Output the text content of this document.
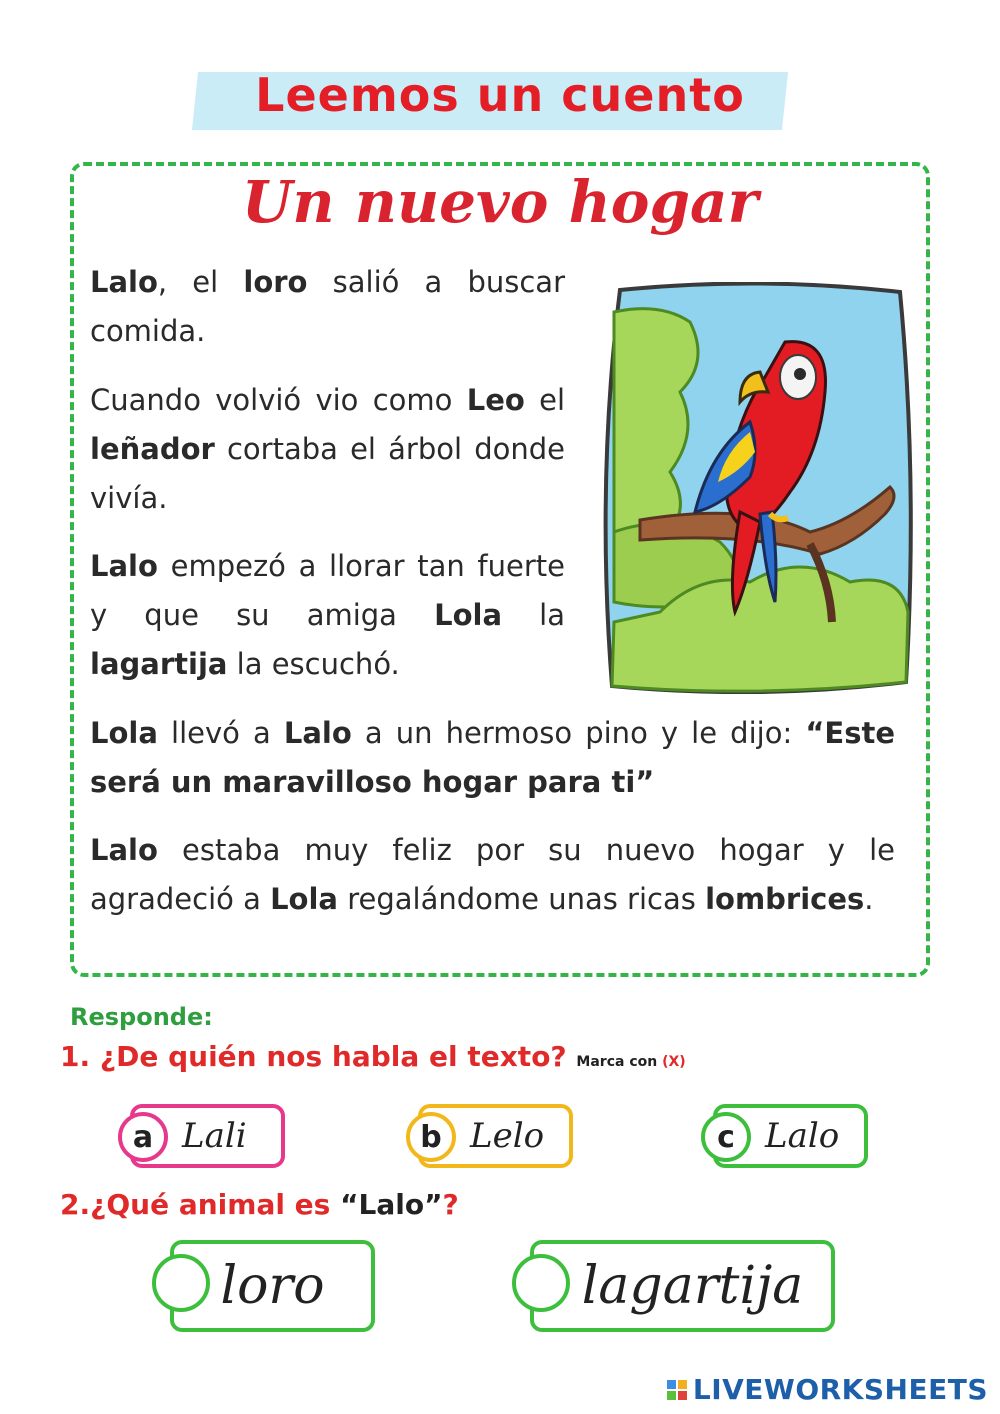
Leemos un cuento
Un nuevo hogar

Lalo, el loro salió a buscar comida.

Cuando volvió vio como Leo el leñador cortaba el árbol donde vivía.

Lalo empezó a llorar tan fuerte y que su amiga Lola la lagartija la escuchó.

Lola llevó a Lalo a un hermoso pino y le dijo: “Este será un maravilloso hogar para ti”

Lalo estaba muy feliz por su nuevo hogar y le agradeció a Lola regalándome unas ricas lombrices.

Responde:
1. ¿De quién nos habla el texto? Marca con (X)
a Lali	b Lelo	c Lalo
2.¿Qué animal es “Lalo”?
loro	lagartija
LIVEWORKSHEETS
